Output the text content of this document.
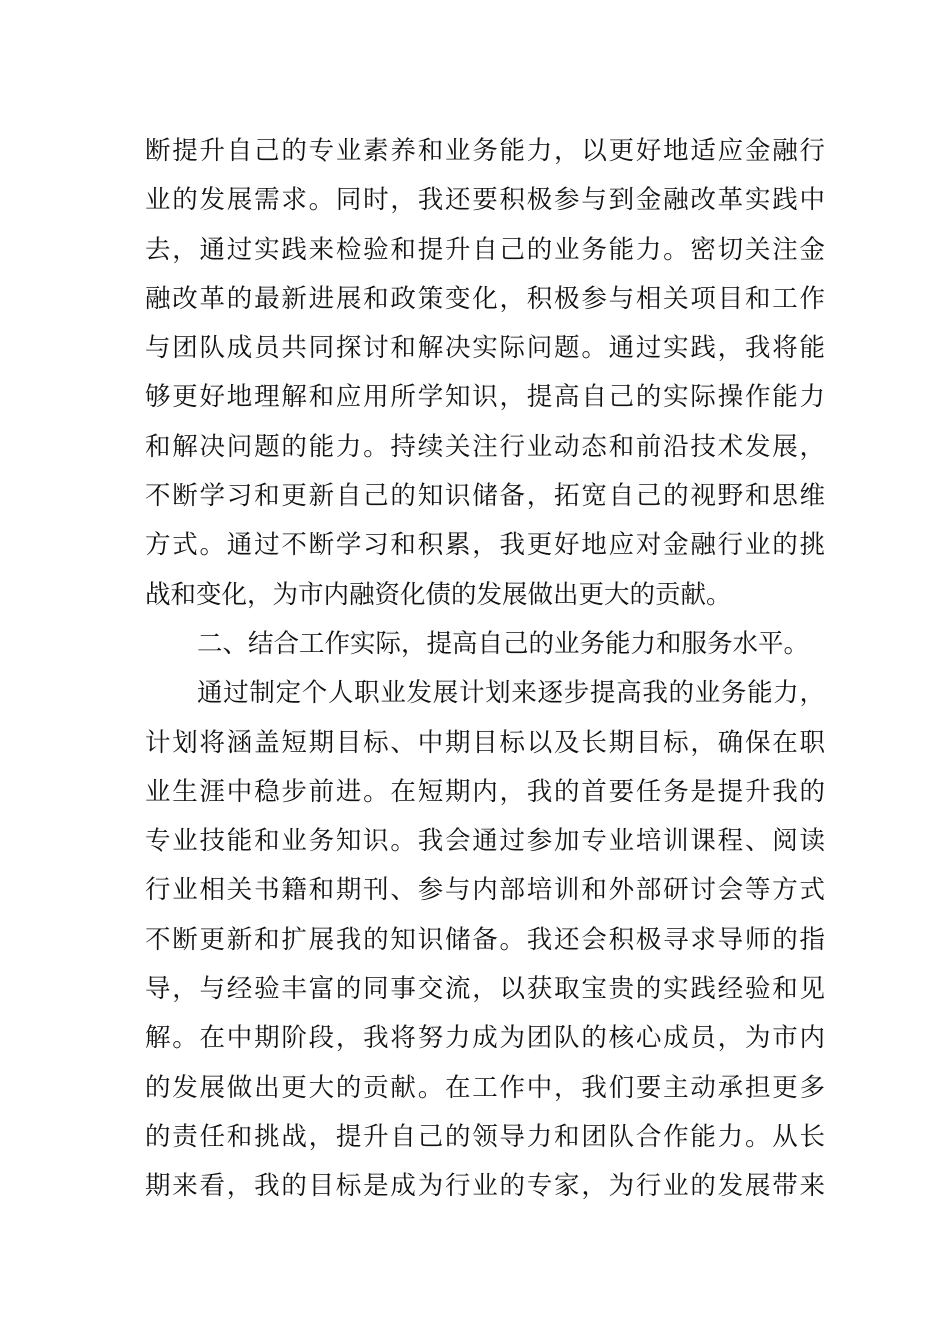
断提升自己的专业素养和业务能力，以更好地适应金融行
业的发展需求。同时，我还要积极参与到金融改革实践中
去，通过实践来检验和提升自己的业务能力。密切关注金
融改革的最新进展和政策变化，积极参与相关项目和工作
与团队成员共同探讨和解决实际问题。通过实践，我将能
够更好地理解和应用所学知识，提高自己的实际操作能力
和解决问题的能力。持续关注行业动态和前沿技术发展，
不断学习和更新自己的知识储备，拓宽自己的视野和思维
方式。通过不断学习和积累，我更好地应对金融行业的挑
战和变化，为市内融资化债的发展做出更大的贡献。
二、结合工作实际，提高自己的业务能力和服务水平。
通过制定个人职业发展计划来逐步提高我的业务能力，
计划将涵盖短期目标、中期目标以及长期目标，确保在职
业生涯中稳步前进。在短期内，我的首要任务是提升我的
专业技能和业务知识。我会通过参加专业培训课程、阅读
行业相关书籍和期刊、参与内部培训和外部研讨会等方式
不断更新和扩展我的知识储备。我还会积极寻求导师的指
导，与经验丰富的同事交流，以获取宝贵的实践经验和见
解。在中期阶段，我将努力成为团队的核心成员，为市内
的发展做出更大的贡献。在工作中，我们要主动承担更多
的责任和挑战，提升自己的领导力和团队合作能力。从长
期来看，我的目标是成为行业的专家，为行业的发展带来
